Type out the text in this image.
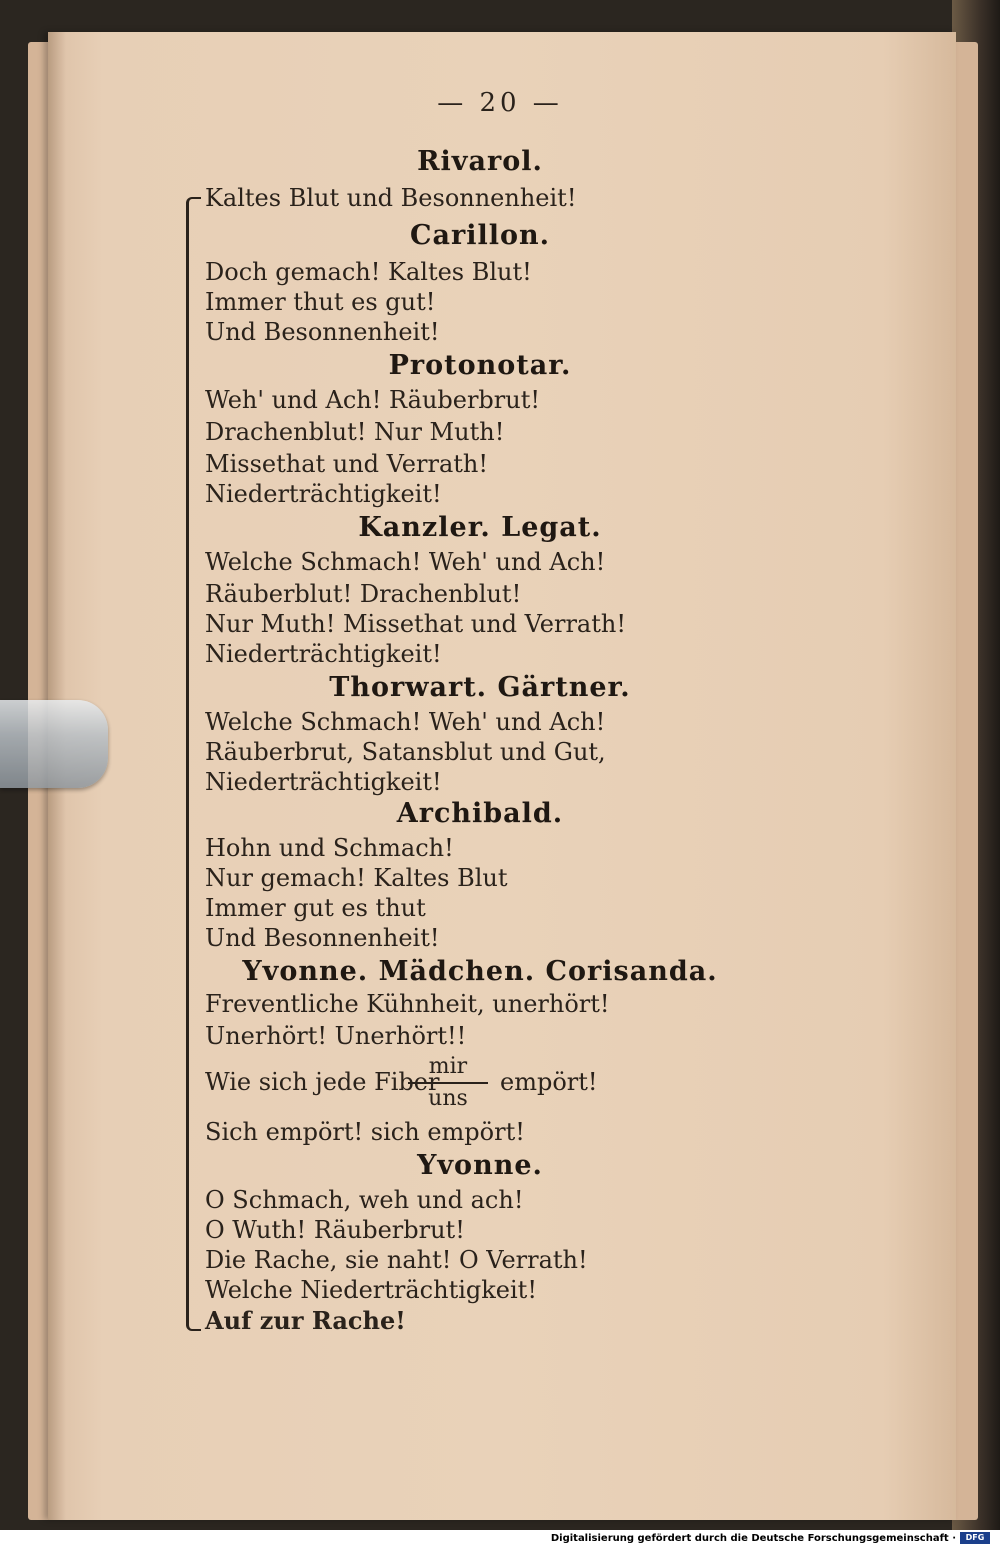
— 20 —
Rivarol.
Kaltes Blut und Besonnenheit!
Carillon.
Doch gemach! Kaltes Blut!
Immer thut es gut!
Und Besonnenheit!
Protonotar.
Weh' und Ach! Räuberbrut!
Drachenblut! Nur Muth!
Missethat und Verrath!
Niederträchtigkeit!
Kanzler. Legat.
Welche Schmach! Weh' und Ach!
Räuberblut! Drachenblut!
Nur Muth! Missethat und Verrath!
Niederträchtigkeit!
Thorwart. Gärtner.
Welche Schmach! Weh' und Ach!
Räuberbrut, Satansblut und Gut,
Niederträchtigkeit!
Archibald.
Hohn und Schmach!
Nur gemach! Kaltes Blut
Immer gut es thut
Und Besonnenheit!
Yvonne. Mädchen. Corisanda.
Freventliche Kühnheit, unerhört!
Unerhört! Unerhört!!
Wie sich jede Fiber
mir
uns
empört!
Sich empört! sich empört!
Yvonne.
O Schmach, weh und ach!
O Wuth! Räuberbrut!
Die Rache, sie naht! O Verrath!
Welche Niederträchtigkeit!
Auf zur Rache!
Digitalisierung gefördert durch die Deutsche Forschungsgemeinschaft ·	DFG
